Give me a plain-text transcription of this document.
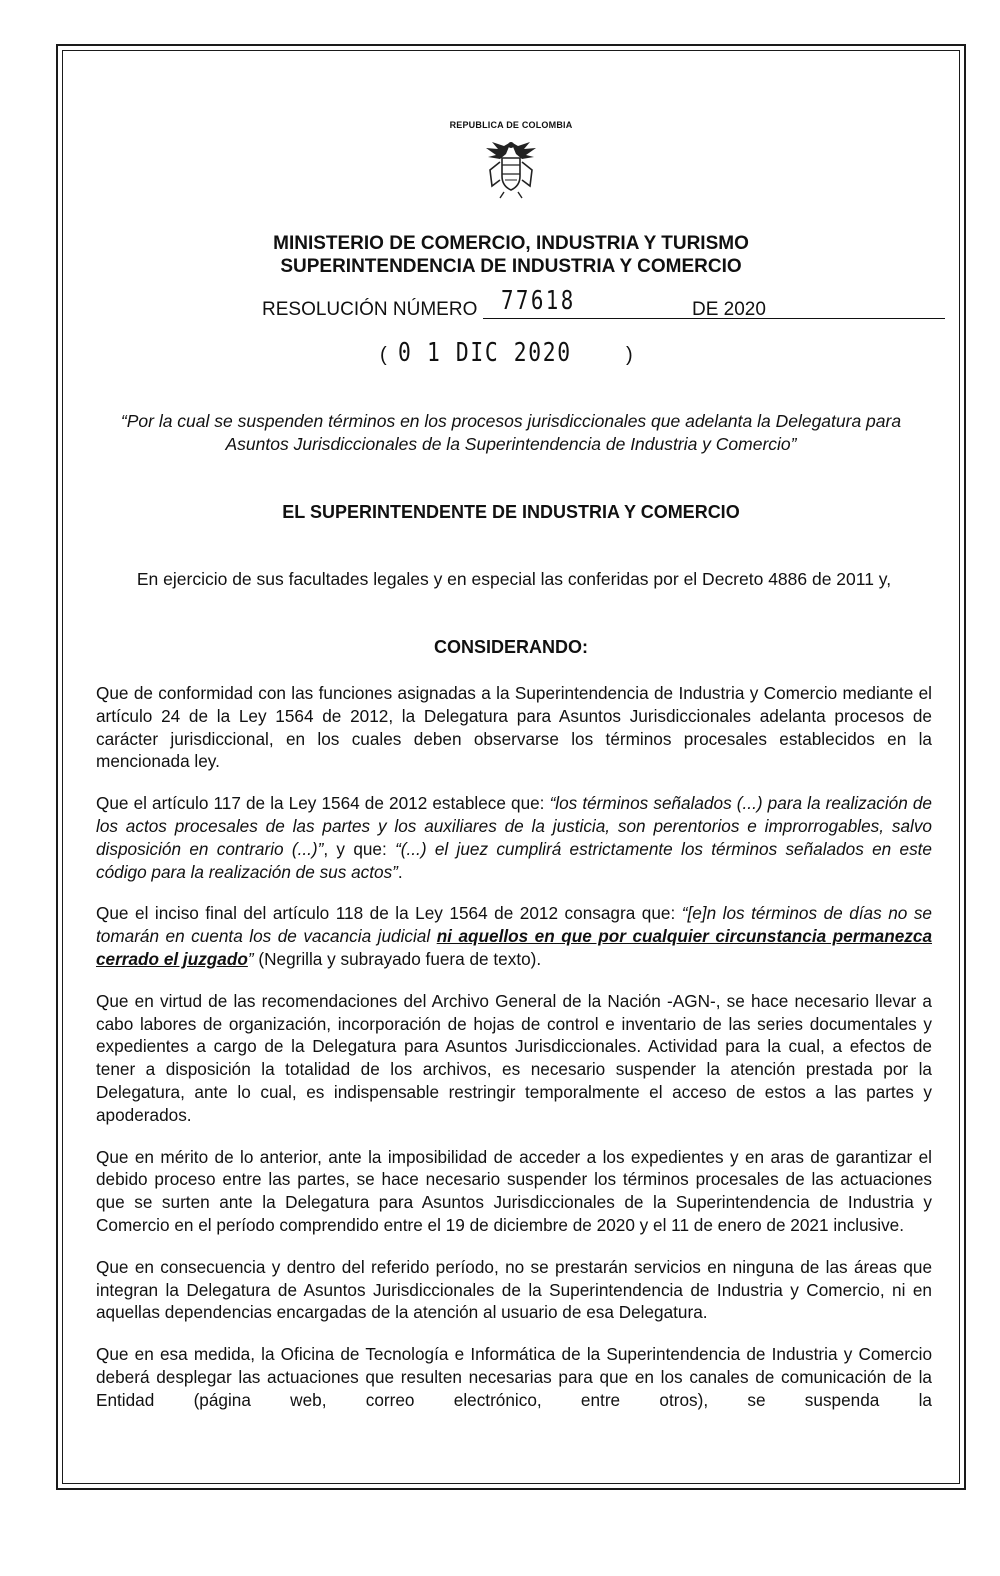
REPUBLICA DE COLOMBIA
MINISTERIO DE COMERCIO, INDUSTRIA Y TURISMO
SUPERINTENDENCIA DE INDUSTRIA Y COMERCIO
RESOLUCIÓN NÚMERO 77618	DE 2020
( 0 1 DIC 2020	)
“Por la cual se suspenden términos en los procesos jurisdiccionales que adelanta la Delegatura para Asuntos Jurisdiccionales de la Superintendencia de Industria y Comercio”
EL SUPERINTENDENTE DE INDUSTRIA Y COMERCIO
En ejercicio de sus facultades legales y en especial las conferidas por el Decreto 4886 de 2011 y,
CONSIDERANDO:

Que de conformidad con las funciones asignadas a la Superintendencia de Industria y Comercio mediante el artículo 24 de la Ley 1564 de 2012, la Delegatura para Asuntos Jurisdiccionales adelanta procesos de carácter jurisdiccional, en los cuales deben observarse los términos procesales establecidos en la mencionada ley.

Que el artículo 117 de la Ley 1564 de 2012 establece que: “los términos señalados (...) para la realización de los actos procesales de las partes y los auxiliares de la justicia, son perentorios e improrrogables, salvo disposición en contrario (...)”, y que: “(...) el juez cumplirá estrictamente los términos señalados en este código para la realización de sus actos”.

Que el inciso final del artículo 118 de la Ley 1564 de 2012 consagra que: “[e]n los términos de días no se tomarán en cuenta los de vacancia judicial ni aquellos en que por cualquier circunstancia permanezca cerrado el juzgado” (Negrilla y subrayado fuera de texto).

Que en virtud de las recomendaciones del Archivo General de la Nación -AGN-, se hace necesario llevar a cabo labores de organización, incorporación de hojas de control e inventario de las series documentales y expedientes a cargo de la Delegatura para Asuntos Jurisdiccionales. Actividad para la cual, a efectos de tener a disposición la totalidad de los archivos, es necesario suspender la atención prestada por la Delegatura, ante lo cual, es indispensable restringir temporalmente el acceso de estos a las partes y apoderados.

Que en mérito de lo anterior, ante la imposibilidad de acceder a los expedientes y en aras de garantizar el debido proceso entre las partes, se hace necesario suspender los términos procesales de las actuaciones que se surten ante la Delegatura para Asuntos Jurisdiccionales de la Superintendencia de Industria y Comercio en el período comprendido entre el 19 de diciembre de 2020 y el 11 de enero de 2021 inclusive.

Que en consecuencia y dentro del referido período, no se prestarán servicios en ninguna de las áreas que integran la Delegatura de Asuntos Jurisdiccionales de la Superintendencia de Industria y Comercio, ni en aquellas dependencias encargadas de la atención al usuario de esa Delegatura.

Que en esa medida, la Oficina de Tecnología e Informática de la Superintendencia de Industria y Comercio deberá desplegar las actuaciones que resulten necesarias para que en los canales de comunicación de la Entidad (página web, correo electrónico, entre otros), se suspenda la
